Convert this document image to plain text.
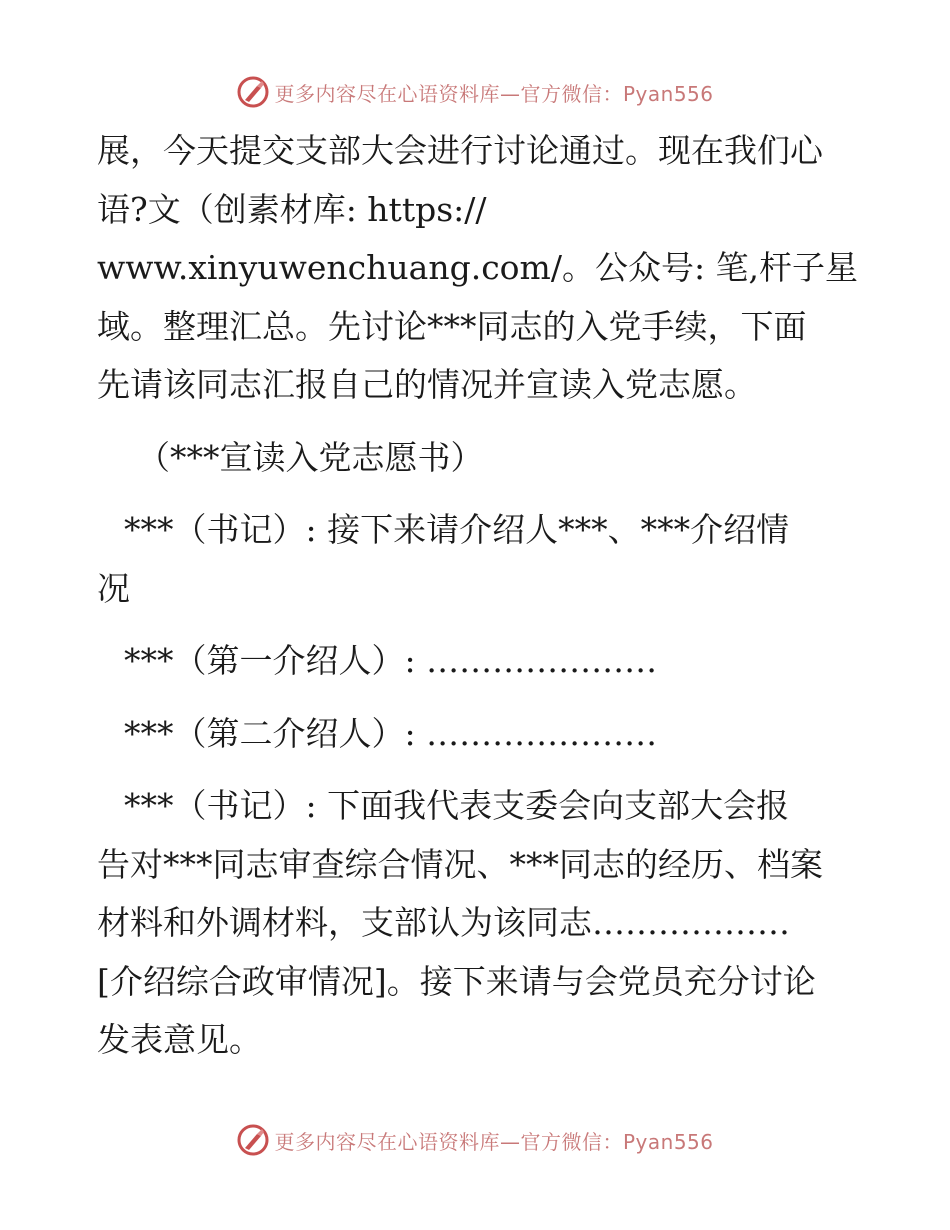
更多内容尽在心语资料库—官方微信：Pyan556
展，今天提交支部大会进行讨论通过。现在我们心
语?文（创素材库: https://
www.xinyuwenchuang.com/。公众号: 笔,杆子星
域。整理汇总。先讨论***同志的入党手续，下面
先请该同志汇报自己的情况并宣读入党志愿。
（***宣读入党志愿书）
***（书记）: 接下来请介绍人***、***介绍情
况
***（第一介绍人）: …………………
***（第二介绍人）: …………………
***（书记）: 下面我代表支委会向支部大会报
告对***同志审查综合情况、***同志的经历、档案
材料和外调材料，支部认为该同志………………
[介绍综合政审情况]。接下来请与会党员充分讨论
发表意见。
更多内容尽在心语资料库—官方微信：Pyan556
